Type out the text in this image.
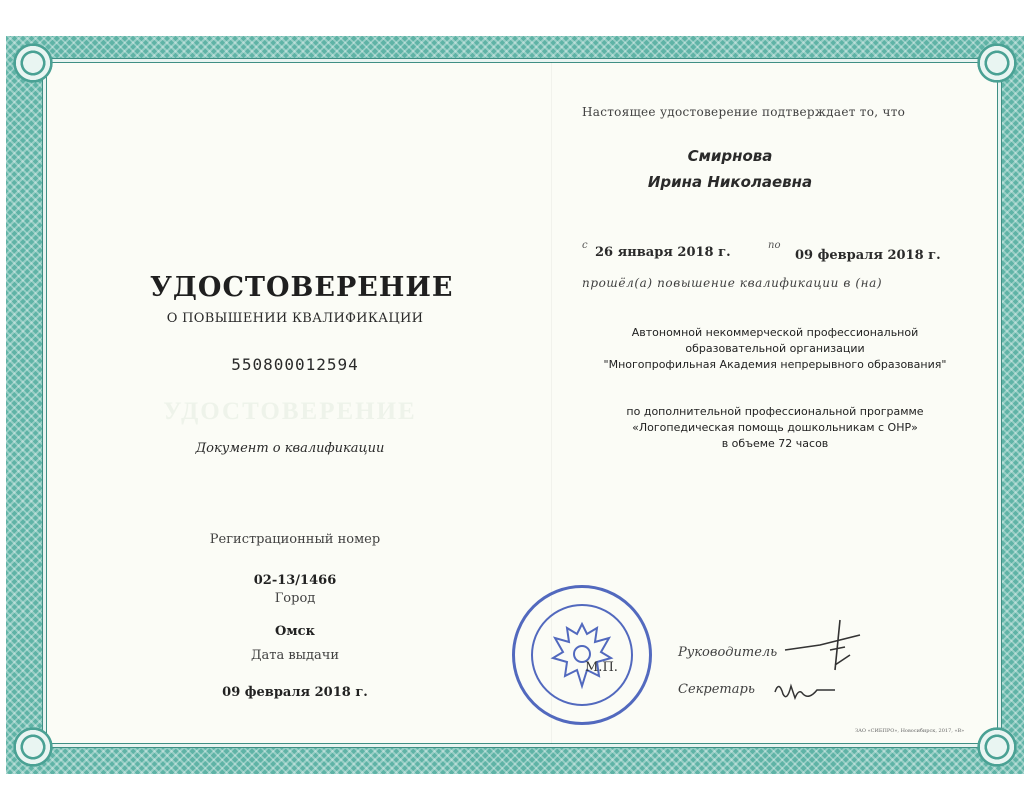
УДОСТОВЕРЕНИЕ
О ПОВЫШЕНИИ КВАЛИФИКАЦИИ
550800012594
УДОСТОВЕРЕНИЕ
Документ о квалификации
Регистрационный номер
02-13/1466
Город
Омск
Дата выдачи
09 февраля 2018 г.
Настоящее удостоверение подтверждает то, что
Смирнова
Ирина Николаевна
с 26 января 2018 г.	по
09 февраля 2018 г.
прошёл(а) повышение квалификации в (на)
Автономной некоммерческой профессиональной
образовательной организации
"Многопрофильная Академия непрерывного образования"
по дополнительной профессиональной программе
«Логопедическая помощь дошкольникам с ОНР»
в объеме 72 часов
М.П.
Руководитель
Секретарь
ЗАО «СИБПРО», Новосибирск, 2017, «В»
